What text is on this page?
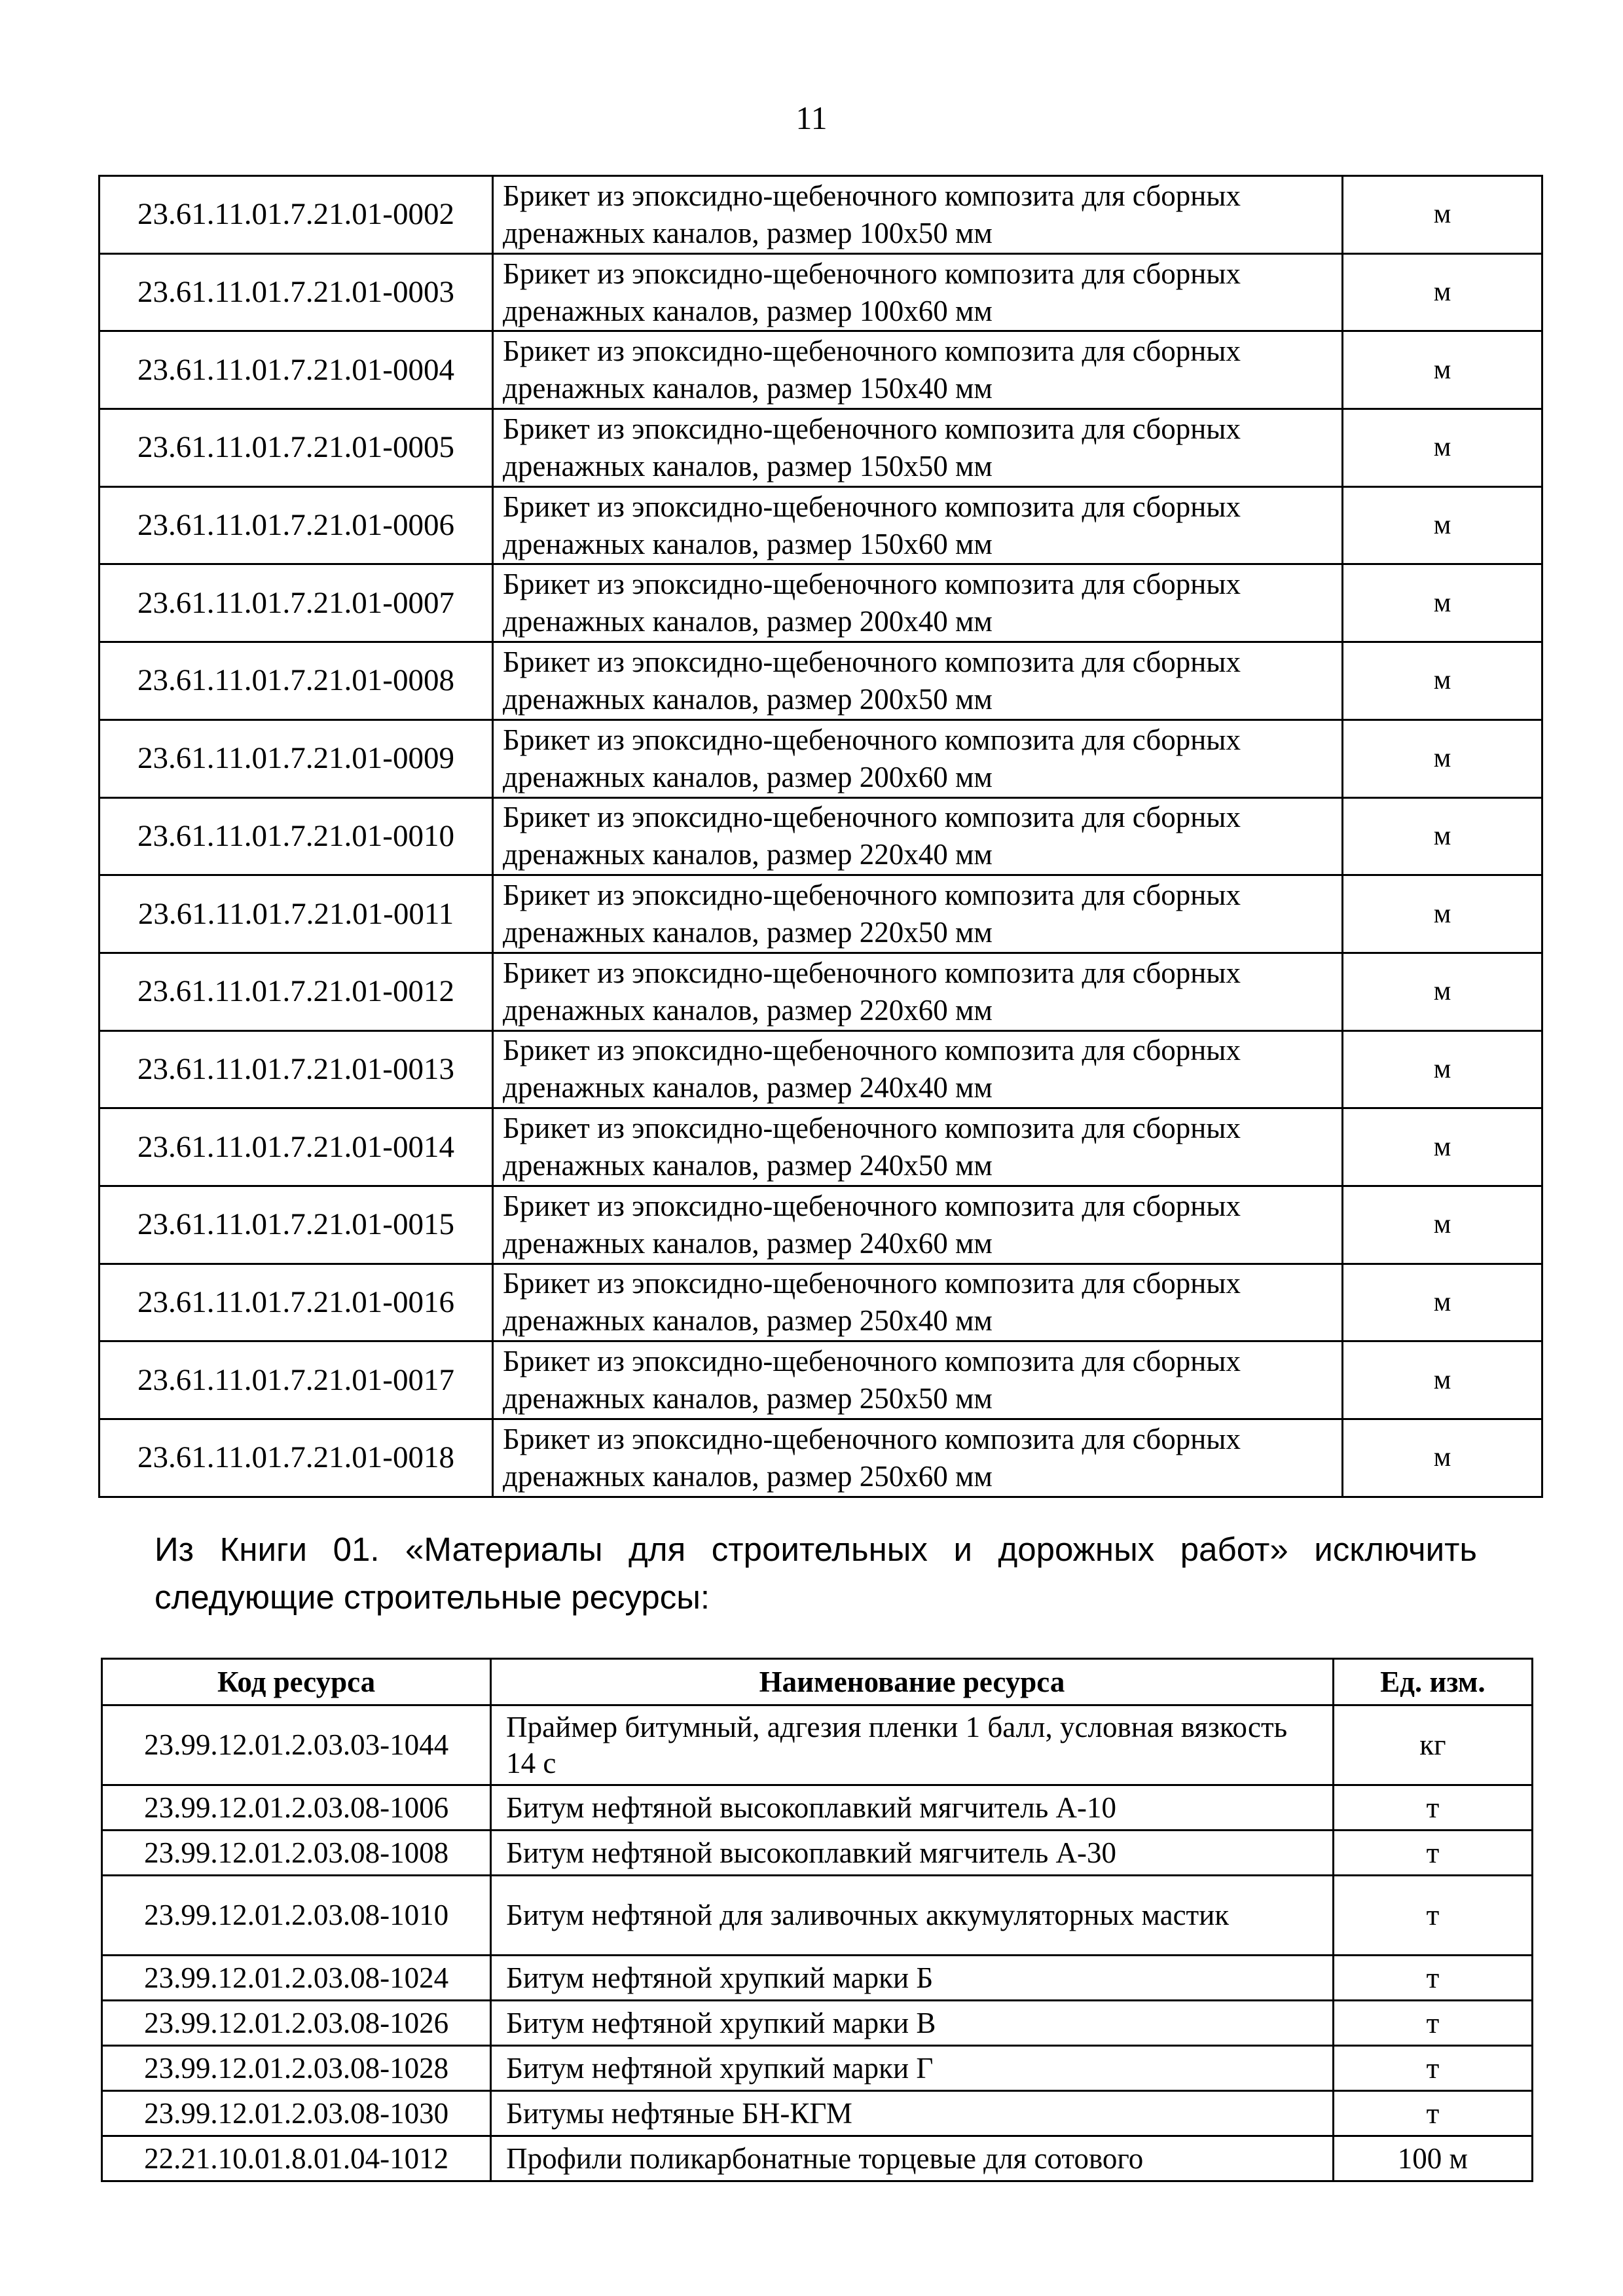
11
23.61.11.01.7.21.01-0002	Брикет из эпоксидно-щебеночного композита для сборных дренажных каналов, размер 100х50 мм	м
23.61.11.01.7.21.01-0003	Брикет из эпоксидно-щебеночного композита для сборных дренажных каналов, размер 100х60 мм	м
23.61.11.01.7.21.01-0004	Брикет из эпоксидно-щебеночного композита для сборных дренажных каналов, размер 150х40 мм	м
23.61.11.01.7.21.01-0005	Брикет из эпоксидно-щебеночного композита для сборных дренажных каналов, размер 150х50 мм	м
23.61.11.01.7.21.01-0006	Брикет из эпоксидно-щебеночного композита для сборных дренажных каналов, размер 150х60 мм	м
23.61.11.01.7.21.01-0007	Брикет из эпоксидно-щебеночного композита для сборных дренажных каналов, размер 200х40 мм	м
23.61.11.01.7.21.01-0008	Брикет из эпоксидно-щебеночного композита для сборных дренажных каналов, размер 200х50 мм	м
23.61.11.01.7.21.01-0009	Брикет из эпоксидно-щебеночного композита для сборных дренажных каналов, размер 200х60 мм	м
23.61.11.01.7.21.01-0010	Брикет из эпоксидно-щебеночного композита для сборных дренажных каналов, размер 220х40 мм	м
23.61.11.01.7.21.01-0011	Брикет из эпоксидно-щебеночного композита для сборных дренажных каналов, размер 220х50 мм	м
23.61.11.01.7.21.01-0012	Брикет из эпоксидно-щебеночного композита для сборных дренажных каналов, размер 220х60 мм	м
23.61.11.01.7.21.01-0013	Брикет из эпоксидно-щебеночного композита для сборных дренажных каналов, размер 240х40 мм	м
23.61.11.01.7.21.01-0014	Брикет из эпоксидно-щебеночного композита для сборных дренажных каналов, размер 240х50 мм	м
23.61.11.01.7.21.01-0015	Брикет из эпоксидно-щебеночного композита для сборных дренажных каналов, размер 240х60 мм	м
23.61.11.01.7.21.01-0016	Брикет из эпоксидно-щебеночного композита для сборных дренажных каналов, размер 250х40 мм	м
23.61.11.01.7.21.01-0017	Брикет из эпоксидно-щебеночного композита для сборных дренажных каналов, размер 250х50 мм	м
23.61.11.01.7.21.01-0018	Брикет из эпоксидно-щебеночного композита для сборных дренажных каналов, размер 250х60 мм	м
Из Книги 01. «Материалы для строительных и дорожных работ» исключить следующие строительные ресурсы:
Код ресурса	Наименование ресурса	Ед. изм.
23.99.12.01.2.03.03-1044	Праймер битумный, адгезия пленки 1 балл, условная вязкость 14 с	кг
23.99.12.01.2.03.08-1006	Битум нефтяной высокоплавкий мягчитель А-10	т
23.99.12.01.2.03.08-1008	Битум нефтяной высокоплавкий мягчитель А-30	т
23.99.12.01.2.03.08-1010	Битум нефтяной для заливочных аккумуляторных мастик	т
23.99.12.01.2.03.08-1024	Битум нефтяной хрупкий марки Б	т
23.99.12.01.2.03.08-1026	Битум нефтяной хрупкий марки В	т
23.99.12.01.2.03.08-1028	Битум нефтяной хрупкий марки Г	т
23.99.12.01.2.03.08-1030	Битумы нефтяные БН-КГМ	т
22.21.10.01.8.01.04-1012	Профили поликарбонатные торцевые для сотового	100 м
